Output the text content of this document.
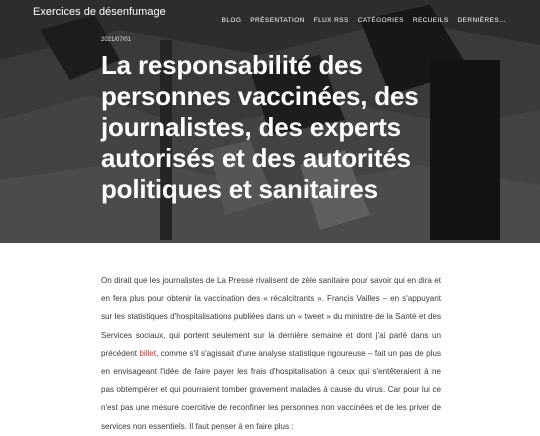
Exercices de désenfumage
BLOG PRÉSENTATION FLUX RSS CATÉGORIES RECUEILS DERNIÈRES…
2021/07/01
La responsabilité des personnes vaccinées, des journalistes, des experts autorisés et des autorités politiques et sanitaires

On dirait que les journalistes de La Presse rivalisent de zèle sanitaire pour savoir qui en dira et en fera plus pour obtenir la vaccination des « récalcitrants ». Francis Vailles – en s'appuyant sur les statistiques d'hospitalisations publiées dans un « tweet » du ministre de la Santé et des Services sociaux, qui portent seulement sur la dernière semaine et dont j'ai parlé dans un précédent billet, comme s'il s'agissait d'une analyse statistique rigoureuse – fait un pas de plus en envisageant l'idée de faire payer les frais d'hospitalisation à ceux qui s'entêteraient à ne pas obtempérer et qui pourraient tomber gravement malades à cause du virus. Car pour lui ce n'est pas une mesure coercitive de reconfiner les personnes non vaccinées et de les priver de services non essentiels. Il faut penser à en faire plus :
